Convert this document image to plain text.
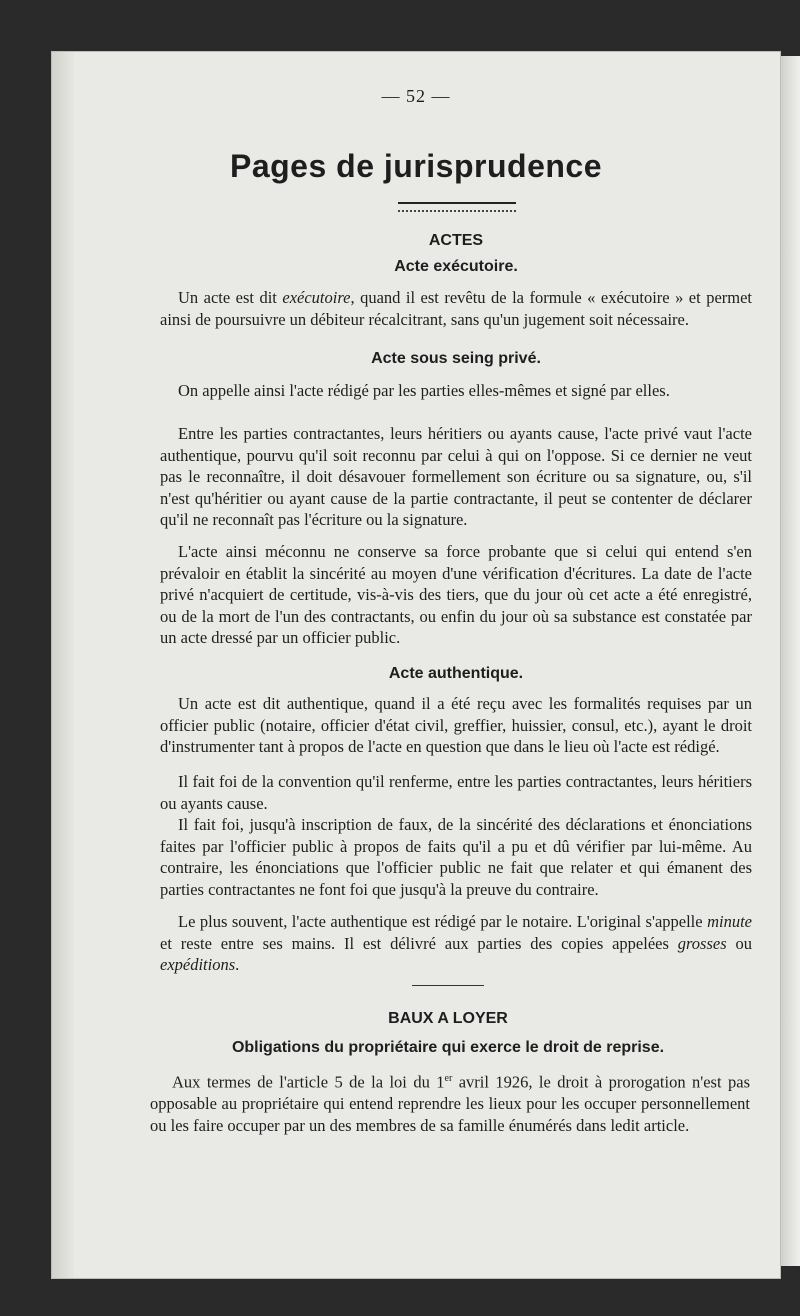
— 52 —
Pages de jurisprudence
ACTES
Acte exécutoire.
Un acte est dit exécutoire, quand il est revêtu de la formule « exécutoire » et permet ainsi de poursuivre un débiteur récalcitrant, sans qu'un jugement soit nécessaire.
Acte sous seing privé.
On appelle ainsi l'acte rédigé par les parties elles-mêmes et signé par elles.
Entre les parties contractantes, leurs héritiers ou ayants cause, l'acte privé vaut l'acte authentique, pourvu qu'il soit reconnu par celui à qui on l'oppose. Si ce dernier ne veut pas le reconnaître, il doit désavouer formellement son écriture ou sa signature, ou, s'il n'est qu'héritier ou ayant cause de la partie contractante, il peut se contenter de déclarer qu'il ne reconnaît pas l'écriture ou la signature.
L'acte ainsi méconnu ne conserve sa force probante que si celui qui entend s'en prévaloir en établit la sincérité au moyen d'une vérification d'écritures. La date de l'acte privé n'acquiert de certitude, vis-à-vis des tiers, que du jour où cet acte a été enregistré, ou de la mort de l'un des contractants, ou enfin du jour où sa substance est constatée par un acte dressé par un officier public.
Acte authentique.
Un acte est dit authentique, quand il a été reçu avec les formalités requises par un officier public (notaire, officier d'état civil, greffier, huissier, consul, etc.), ayant le droit d'instrumenter tant à propos de l'acte en question que dans le lieu où l'acte est rédigé.
Il fait foi de la convention qu'il renferme, entre les parties contractantes, leurs héritiers ou ayants cause.
Il fait foi, jusqu'à inscription de faux, de la sincérité des déclarations et énonciations faites par l'officier public à propos de faits qu'il a pu et dû vérifier par lui-même. Au contraire, les énonciations que l'officier public ne fait que relater et qui émanent des parties contractantes ne font foi que jusqu'à la preuve du contraire.
Le plus souvent, l'acte authentique est rédigé par le notaire. L'original s'appelle minute et reste entre ses mains. Il est délivré aux parties des copies appelées grosses ou expéditions.
BAUX A LOYER
Obligations du propriétaire qui exerce le droit de reprise.
Aux termes de l'article 5 de la loi du 1er avril 1926, le droit à prorogation n'est pas opposable au propriétaire qui entend reprendre les lieux pour les occuper personnellement ou les faire occuper par un des membres de sa famille énumérés dans ledit article.
